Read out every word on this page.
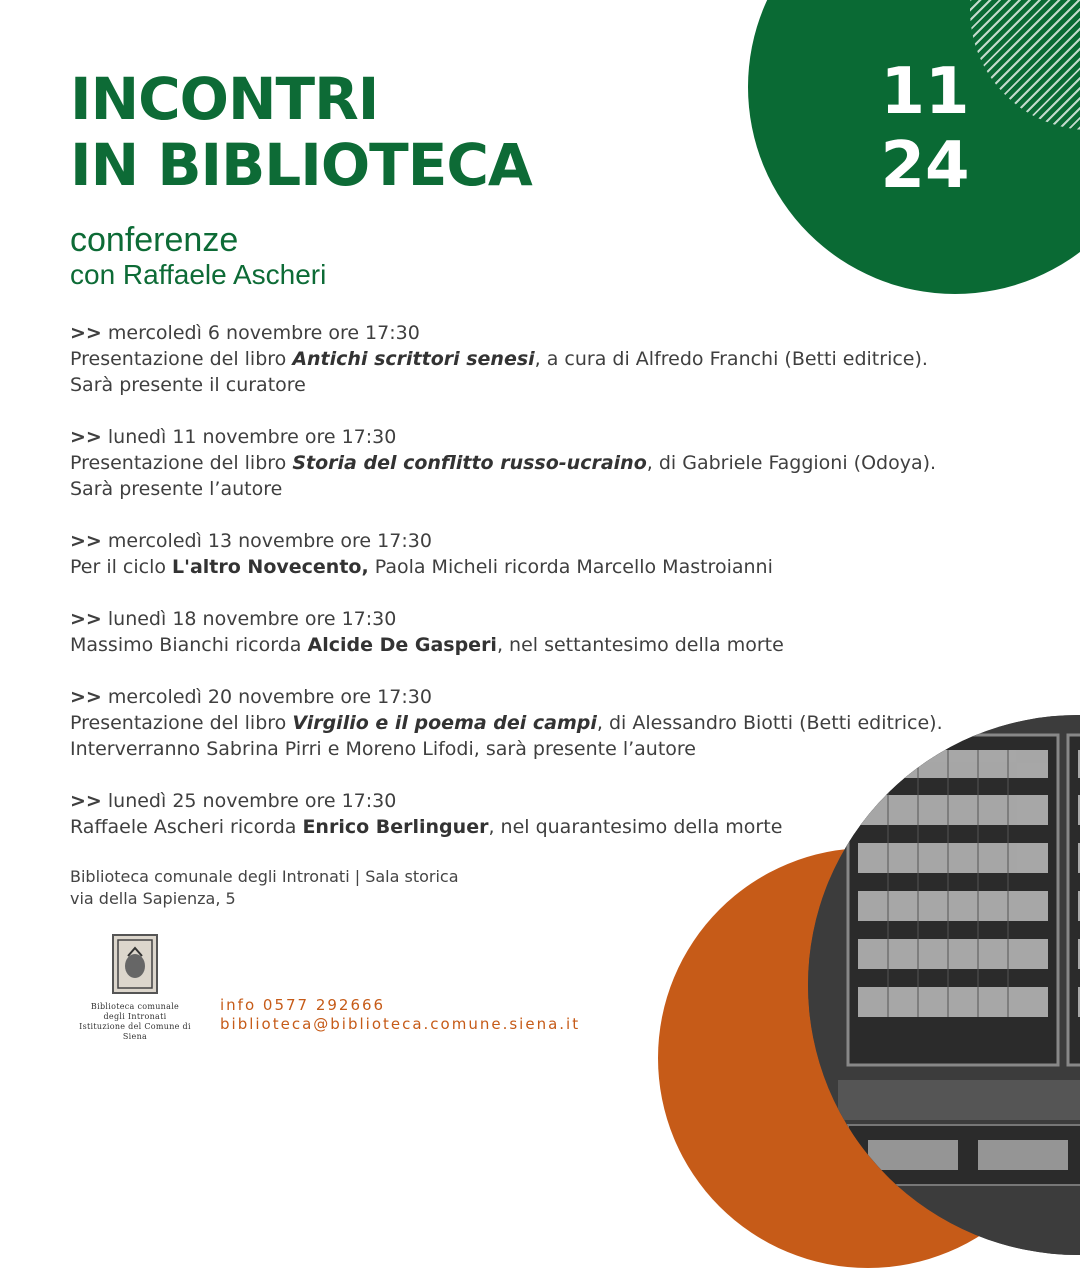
11
24
INCONTRI
IN BIBLIOTECA
conferenze
con Raffaele Ascheri
>> mercoledì 6 novembre ore 17:30
Presentazione del libro Antichi scrittori senesi, a cura di Alfredo Franchi (Betti editrice).
Sarà presente il curatore
>> lunedì 11 novembre ore 17:30
Presentazione del libro Storia del conflitto russo-ucraino, di Gabriele Faggioni (Odoya).
Sarà presente l’autore
>> mercoledì 13 novembre ore 17:30
Per il ciclo L'altro Novecento, Paola Micheli ricorda Marcello Mastroianni
>> lunedì 18 novembre ore 17:30
Massimo Bianchi ricorda Alcide De Gasperi, nel settantesimo della morte
>> mercoledì 20 novembre ore 17:30
Presentazione del libro Virgilio e il poema dei campi, di Alessandro Biotti (Betti editrice).
Interverranno Sabrina Pirri e Moreno Lifodi, sarà presente l’autore
>> lunedì 25 novembre ore 17:30
Raffaele Ascheri ricorda Enrico Berlinguer, nel quarantesimo della morte
Biblioteca comunale degli Intronati | Sala storica
via della Sapienza, 5
Biblioteca comunale
degli Intronati
Istituzione del Comune di Siena
info 0577 292666
biblioteca@biblioteca.comune.siena.it
